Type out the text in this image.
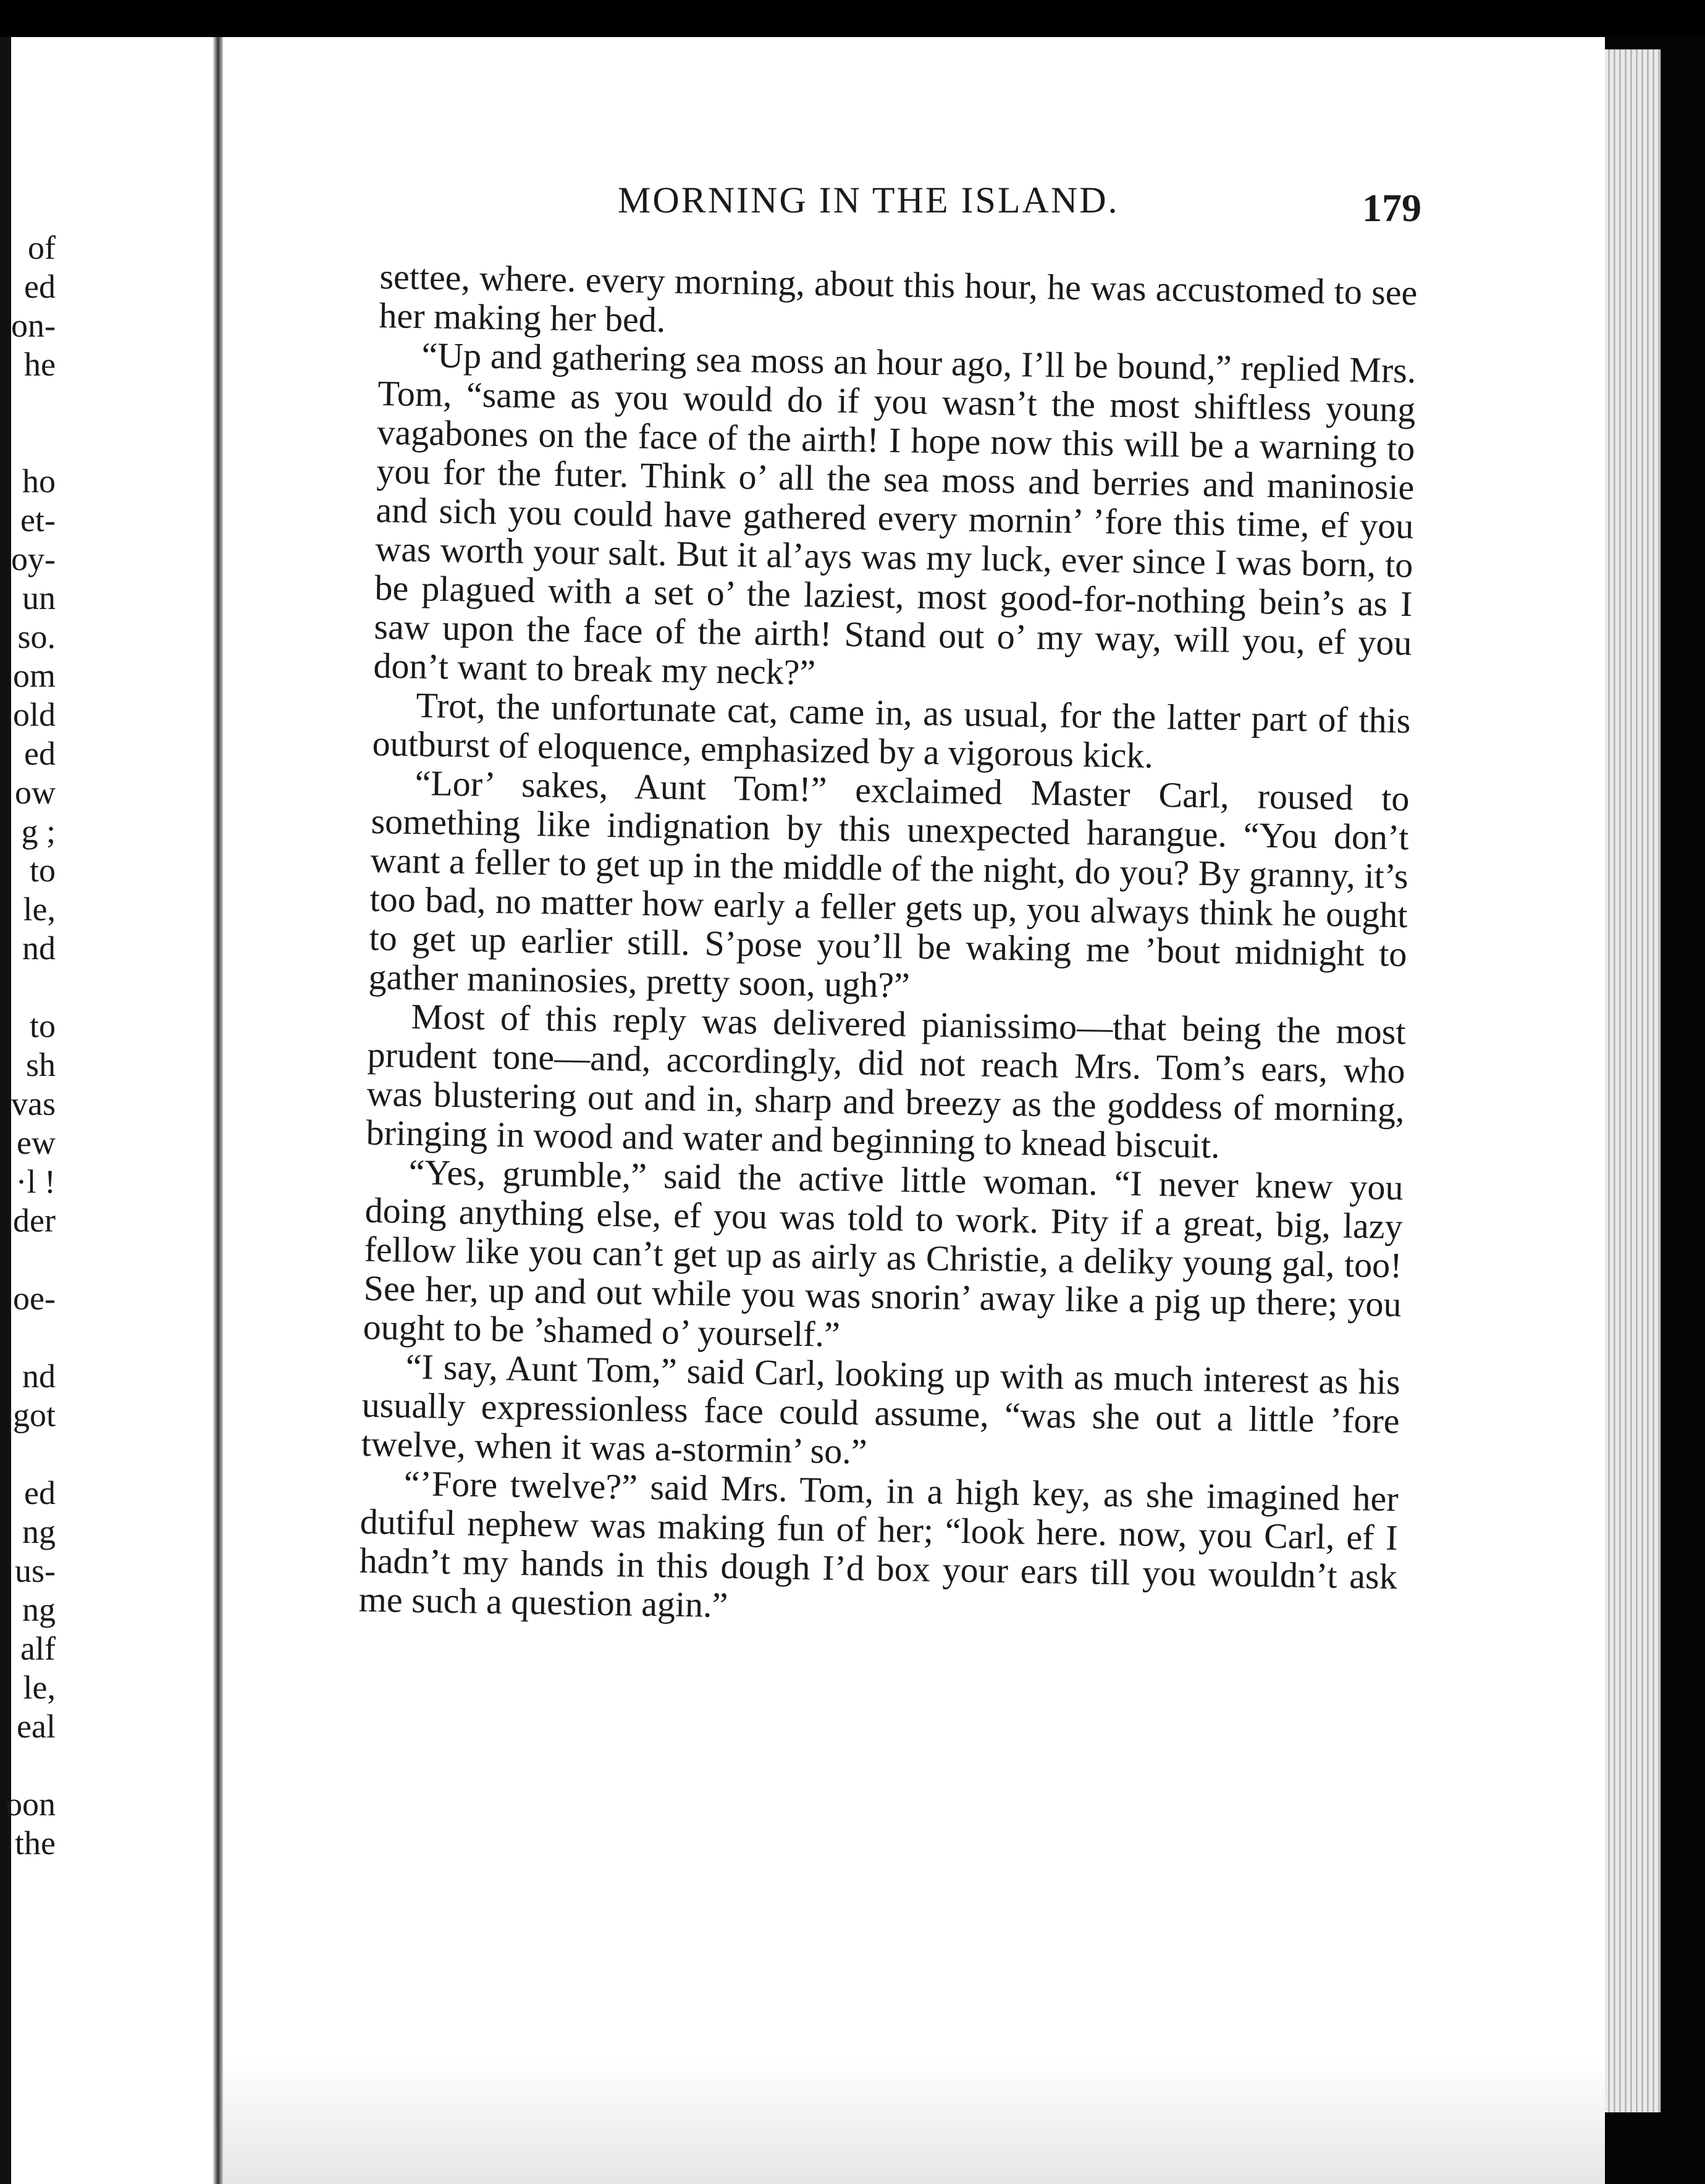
of
ed
on-
he
ho
et-
oy-
un
so.
om
old
ed
ow
g ;
to
le,
nd
to
sh
vas
ew
·l !
der
oe-
nd
got
ed
ng
us-
ng
alf
le,
eal
oon
the
MORNING IN THE ISLAND.	179

settee, where. every morning, about this hour, he was accustomed to see her making her bed.

“Up and gathering sea moss an hour ago, I’ll be bound,” replied Mrs. Tom, “same as you would do if you wasn’t the most shiftless young vagabones on the face of the airth! I hope now this will be a warning to you for the futer. Think o’ all the sea moss and berries and maninosie and sich you could have gathered every mornin’ ’fore this time, ef you was worth your salt. But it al’ays was my luck, ever since I was born, to be plagued with a set o’ the laziest, most good-for-nothing bein’s as I saw upon the face of the airth! Stand out o’ my way, will you, ef you don’t want to break my neck?”

Trot, the unfortunate cat, came in, as usual, for the latter part of this outburst of eloquence, emphasized by a vigorous kick.

“Lor’ sakes, Aunt Tom!” exclaimed Master Carl, roused to something like indignation by this unexpected harangue. “You don’t want a feller to get up in the middle of the night, do you? By granny, it’s too bad, no matter how early a feller gets up, you always think he ought to get up earlier still. S’pose you’ll be waking me ’bout midnight to gather maninosies, pretty soon, ugh?”

Most of this reply was delivered pianissimo—that being the most prudent tone—and, accordingly, did not reach Mrs. Tom’s ears, who was blustering out and in, sharp and breezy as the goddess of morning, bringing in wood and water and beginning to knead biscuit.

“Yes, grumble,” said the active little woman. “I never knew you doing anything else, ef you was told to work. Pity if a great, big, lazy fellow like you can’t get up as airly as Christie, a deliky young gal, too! See her, up and out while you was snorin’ away like a pig up there; you ought to be ’shamed o’ yourself.”

“I say, Aunt Tom,” said Carl, looking up with as much interest as his usually expressionless face could assume, “was she out a little ’fore twelve, when it was a-stormin’ so.”

“’Fore twelve?” said Mrs. Tom, in a high key, as she imagined her dutiful nephew was making fun of her; “look here. now, you Carl, ef I hadn’t my hands in this dough I’d box your ears till you wouldn’t ask me such a question agin.”
